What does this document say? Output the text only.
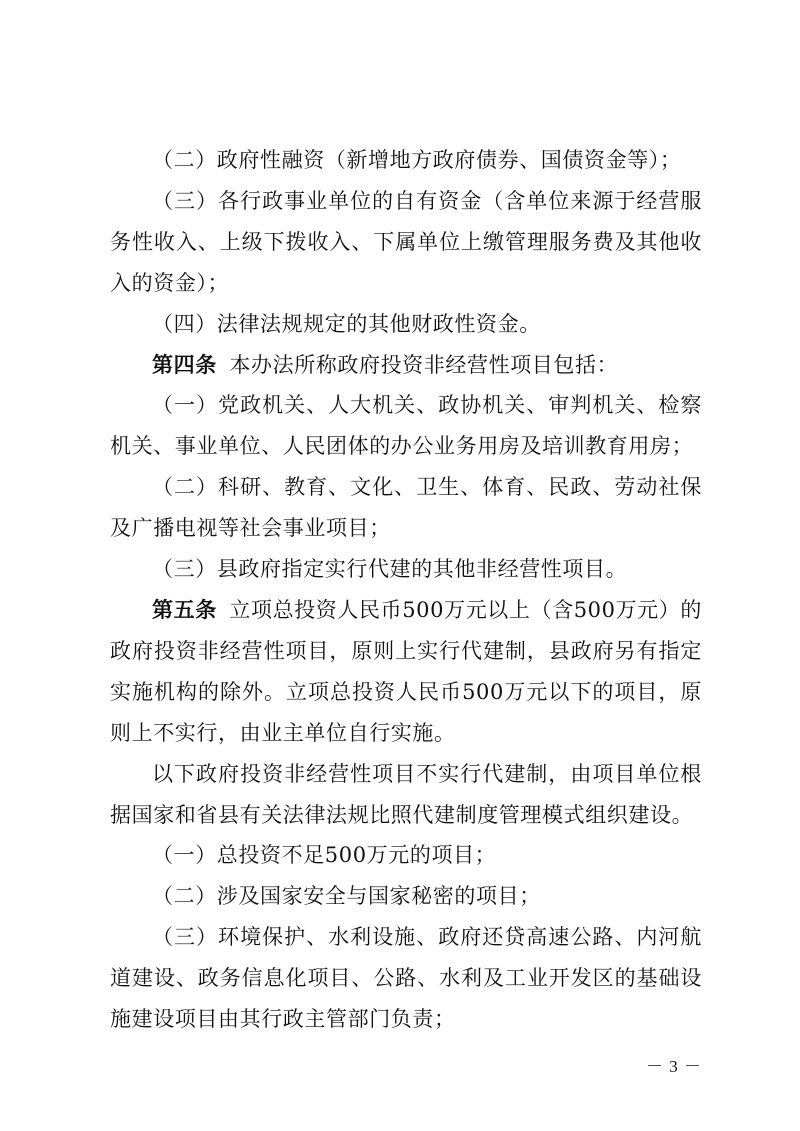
（二）政府性融资（新增地方政府债券、国债资金等）；

（三）各行政事业单位的自有资金（含单位来源于经营服务性收入、上级下拨收入、下属单位上缴管理服务费及其他收入的资金）；

（四）法律法规规定的其他财政性资金。

第四条 本办法所称政府投资非经营性项目包括：

（一）党政机关、人大机关、政协机关、审判机关、检察机关、事业单位、人民团体的办公业务用房及培训教育用房；

（二）科研、教育、文化、卫生、体育、民政、劳动社保及广播电视等社会事业项目；

（三）县政府指定实行代建的其他非经营性项目。

第五条 立项总投资人民币500万元以上（含500万元）的政府投资非经营性项目，原则上实行代建制，县政府另有指定实施机构的除外。立项总投资人民币500万元以下的项目，原则上不实行，由业主单位自行实施。

以下政府投资非经营性项目不实行代建制，由项目单位根据国家和省县有关法律法规比照代建制度管理模式组织建设。

（一）总投资不足500万元的项目；

（二）涉及国家安全与国家秘密的项目；

（三）环境保护、水利设施、政府还贷高速公路、内河航道建设、政务信息化项目、公路、水利及工业开发区的基础设施建设项目由其行政主管部门负责；

－ 3 －
